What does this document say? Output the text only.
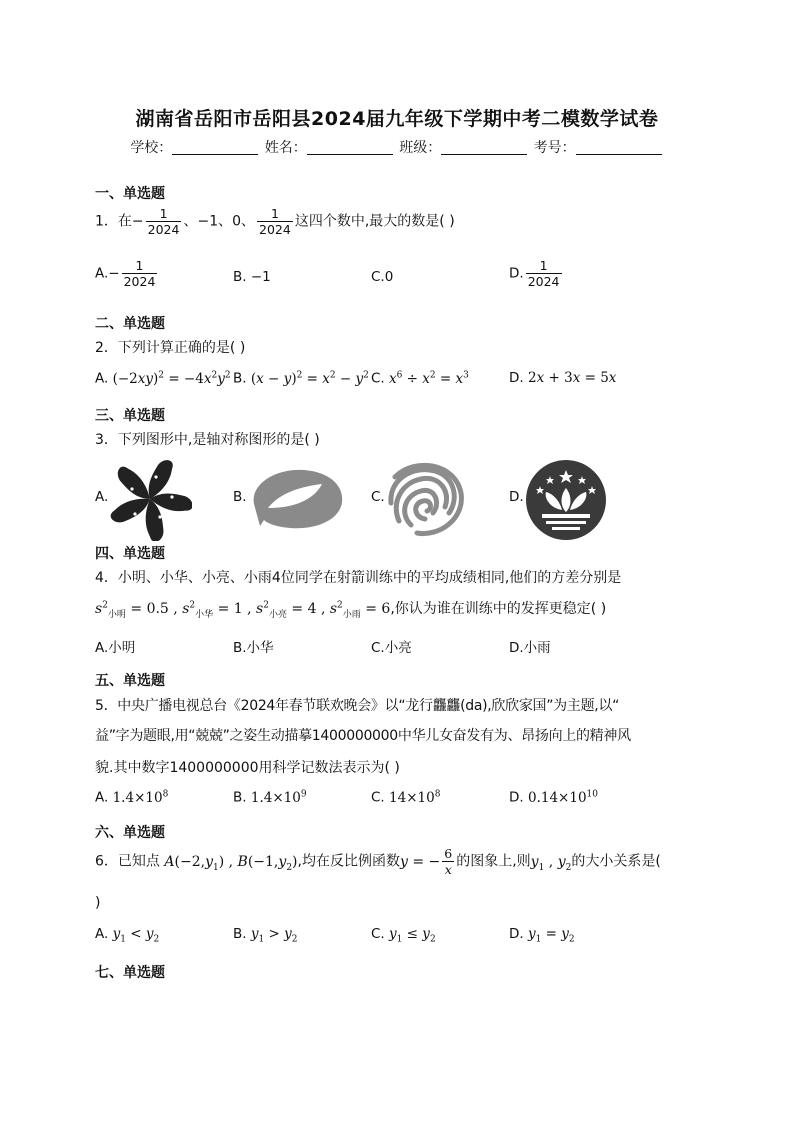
湖南省岳阳市岳阳县2024届九年级下学期中考二模数学试卷
学校：	姓名：	班级：	考号：
一、单选题
1．在− $\frac{1}{2024}$ 、−1、0、 $\frac{1}{2024}$ 这四个数中,最大的数是( )
$A.- \frac{1}{2024}$	B. −1	C.0	D. $\frac{1}{2024}$
二、单选题
2．下列计算正确的是( )
A. $(-2xy)^2 = -4x^2y^2$ B. $(x - y)^2 = x^2 - y^2$ C. $x^6 \div x^2 = x^3$	D. 2x + 3x = 5x
三、单选题
3．下列图形中,是轴对称图形的是( )
A.	B.	C.	D.
四、单选题
4．小明、小华、小亮、小雨4位同学在射箭训练中的平均成绩相同,他们的方差分别是
$s^2_{小明} = 0.5$ , $s^2_{小华} = 1$ , $s^2_{小亮} = 4$ , $s^2_{小雨} = 6$,你认为谁在训练中的发挥更稳定( )
A.小明	B.小华	C.小亮	D.小雨
五、单选题
5．中央广播电视总台《2024年春节联欢晚会》以“龙行龘龘(da),欣欣家国”为主题,以“
益”字为题眼,用“兢兢”之姿生动描摹1400000000中华儿女奋发有为、昂扬向上的精神风
貌.其中数字1400000000用科学记数法表示为( )
A. $1.4\times 10^8$	B. $1.4\times 10^9$	C. $14\times 10^8$	D. $0.14\times 10^{10}$
六、单选题
6．已知点 $A(-2,y_1)$ , $B(-1,y_2)$,均在反比例函数y = − $\frac{6}{x}$ 的图象上,则$y_1$ , $y_2$的大小关系是(
)
A. $y_1 < y_2$	B. $y_1 > y_2$	C. $y_1 \le y_2$	D. $y_1 = y_2$
七、单选题
